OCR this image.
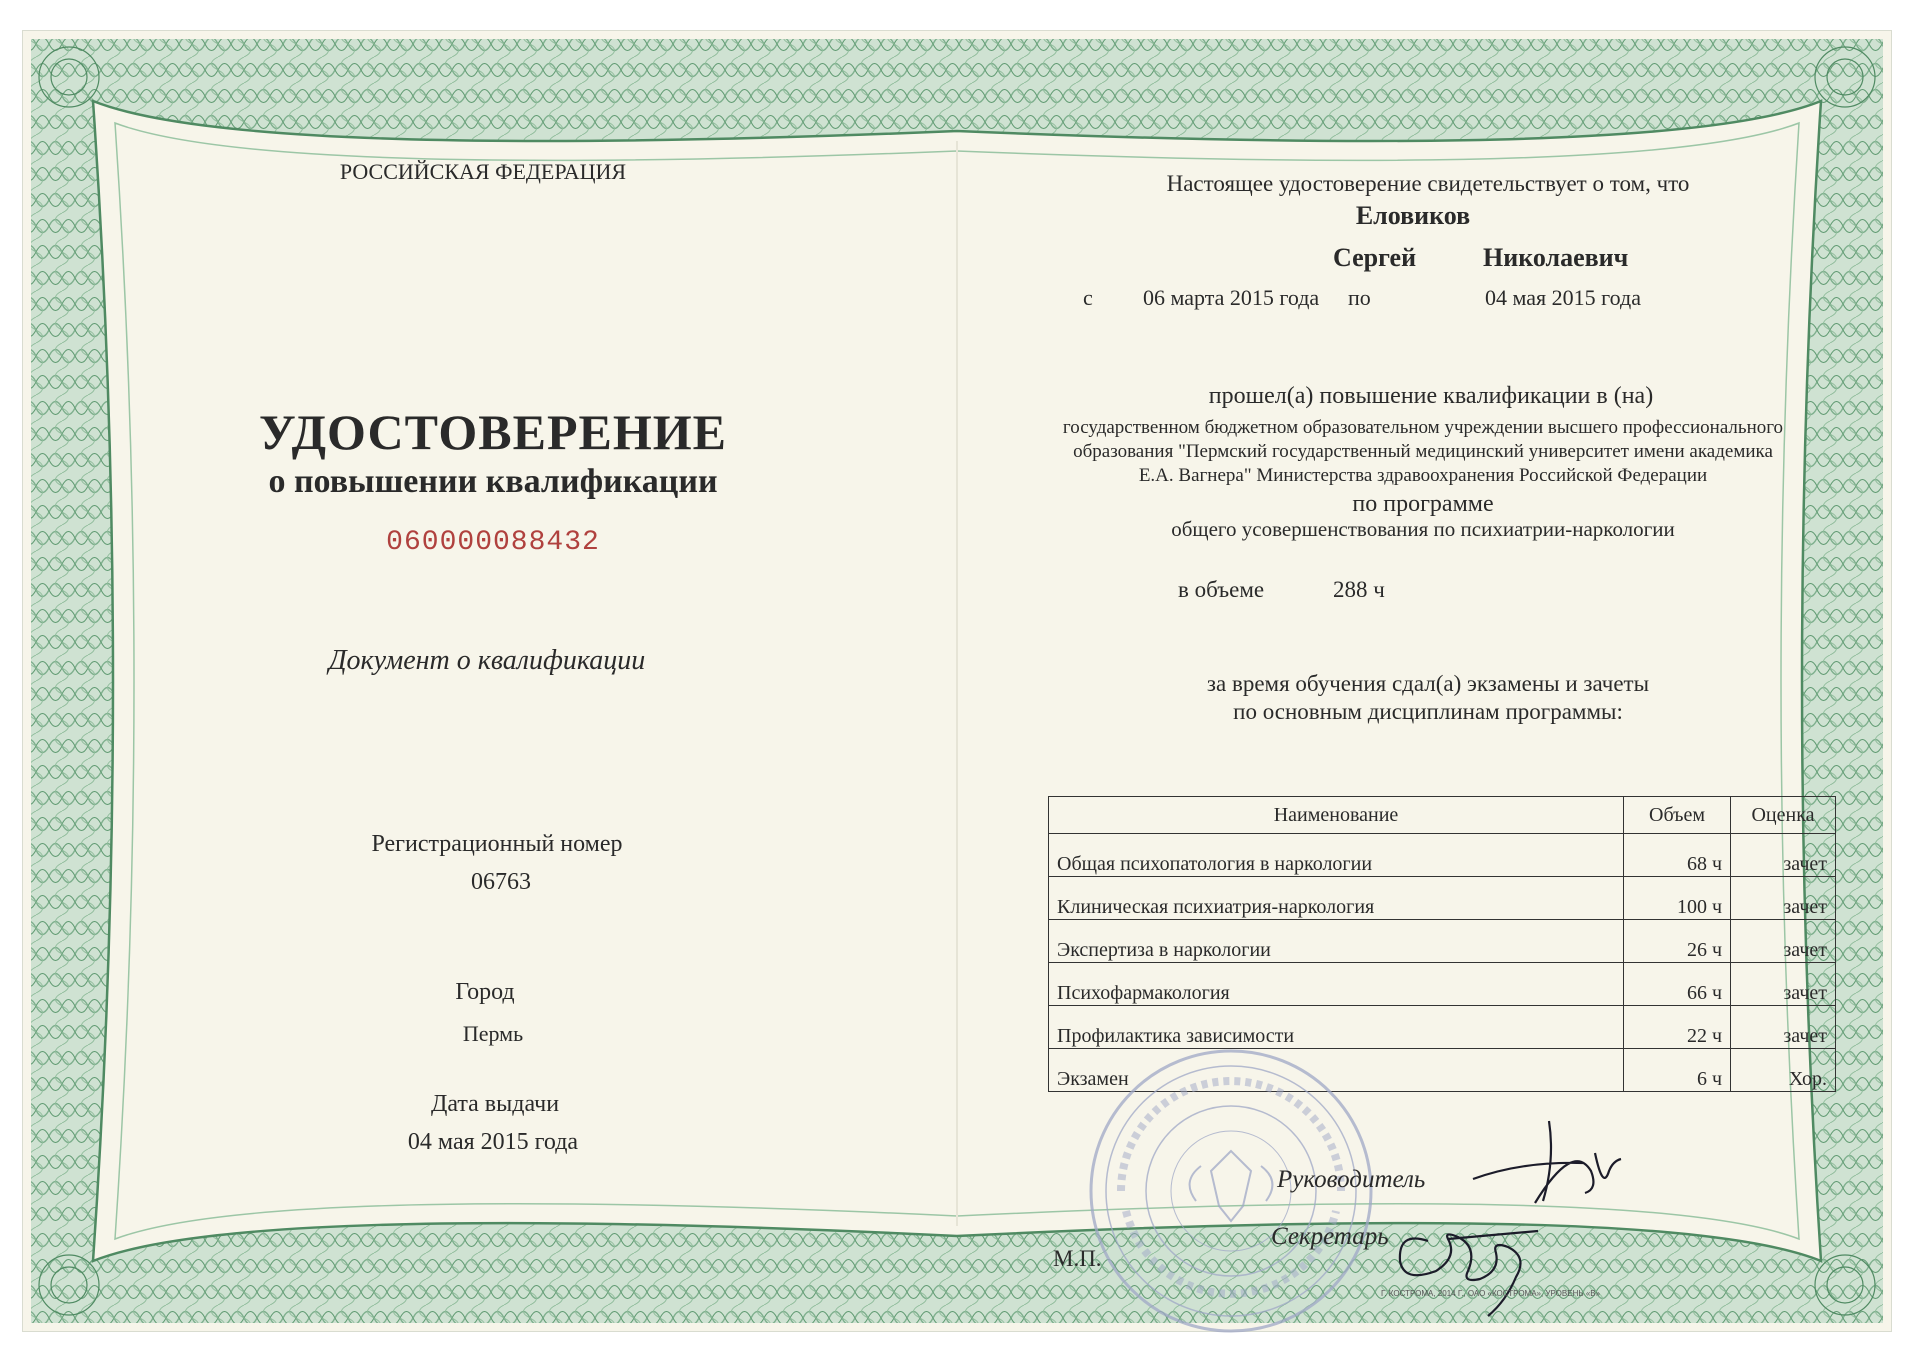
РОССИЙСКАЯ ФЕДЕРАЦИЯ
УДОСТОВЕРЕНИЕ
о повышении квалификации
060000088432
Документ о квалификации
Регистрационный номер
06763
Город
Пермь
Дата выдачи
04 мая 2015 года
Настоящее удостоверение свидетельствует о том, что
Еловиков
Сергей	Николаевич
с 06 марта 2015 года по	04 мая 2015 года
прошел(а) повышение квалификации в (на)
государственном бюджетном образовательном учреждении высшего профессионального
образования "Пермский государственный медицинский университет имени академика
Е.А. Вагнера" Министерства здравоохранения Российской Федерации
по программе
общего усовершенствования по психиатрии-наркологии
в объеме	288 ч
за время обучения сдал(а) экзамены и зачеты
по основным дисциплинам программы:
Наименование	Объем	Оценка
Общая психопатология в наркологии	68 ч	зачет
Клиническая психиатрия-наркология	100 ч	зачет
Экспертиза в наркологии	26 ч	зачет
Психофармакология	66 ч	зачет
Профилактика зависимости	22 ч	зачет
Экзамен	6 ч	Хор.
Руководитель
Секретарь
М.П.
Г. КОСТРОМА, 2014 Г., ОАО «КОСТРОМА», УРОВЕНЬ «В»
